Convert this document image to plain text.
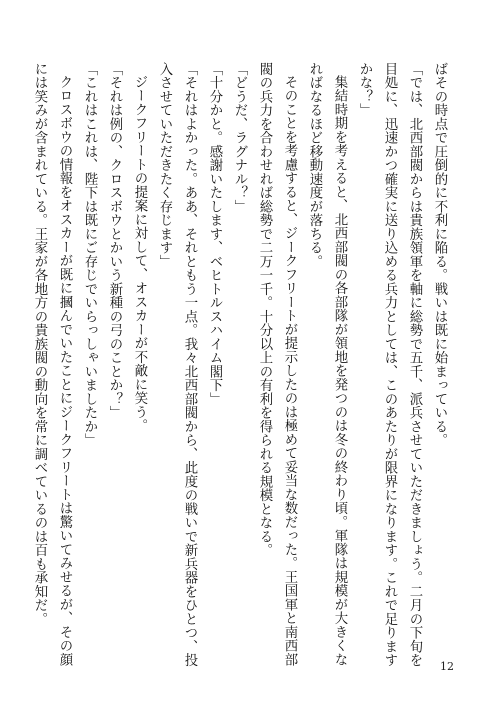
ばその時点で圧倒的に不利に陥る。戦いは既に始まっている。
「では、北西部閥からは貴族領軍を軸に総勢で五千、派兵させていただきましょう。二月の下旬を
目処に、迅速かつ確実に送り込める兵力としては、このあたりが限界になります。これで足ります
かな？」
集結時期を考えると、北西部閥の各部隊が領地を発つのは冬の終わり頃。軍隊は規模が大きくな
ればなるほど移動速度が落ちる。
そのことを考慮すると、ジークフリートが提示したのは極めて妥当な数だった。王国軍と南西部
閥の兵力を合わせれば総勢で二万一千。十分以上の有利を得られる規模となる。
「どうだ、ラグナル？」
「十分かと。感謝いたします、ベヒトルスハイム閣下」
「それはよかった。ああ、それともう一点。我々北西部閥から、此度の戦いで新兵器をひとつ、投
入させていただきたく存じます」
ジークフリートの提案に対して、オスカーが不敵に笑う。
「それは例の、クロスボウとかいう新種の弓のことか？」
「これはこれは、陛下は既にご存じでいらっしゃいましたか」
クロスボウの情報をオスカーが既に摑んでいたことにジークフリートは驚いてみせるが、その顔
には笑みが含まれている。王家が各地方の貴族閥の動向を常に調べているのは百も承知だ。
12
